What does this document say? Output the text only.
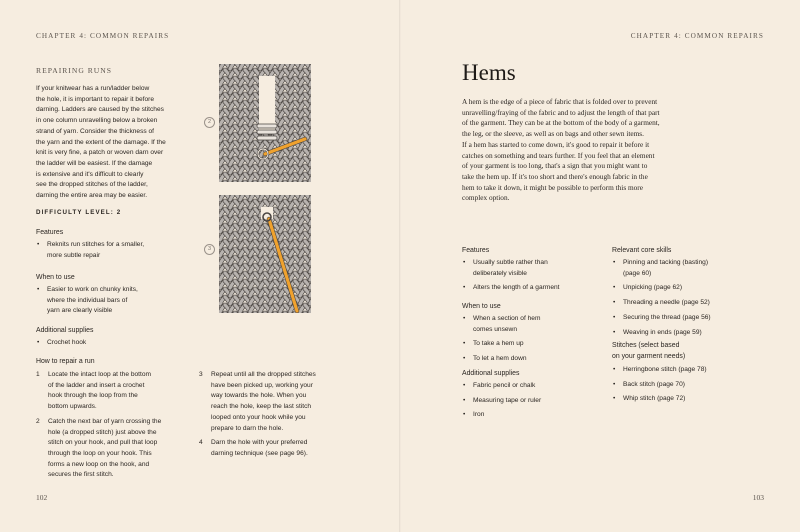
CHAPTER 4: COMMON REPAIRS
REPAIRING RUNS
If your knitwear has a run/ladder below
the hole, it is important to repair it before
darning. Ladders are caused by the stitches
in one column unravelling below a broken
strand of yarn. Consider the thickness of
the yarn and the extent of the damage. If the
knit is very fine, a patch or woven darn over
the ladder will be easiest. If the damage
is extensive and it's difficult to clearly
see the dropped stitches of the ladder,
darning the entire area may be easier.
DIFFICULTY LEVEL: 2
Features
• Reknits run stitches for a smaller,
more subtle repair
When to use
• Easier to work on chunky knits,
where the individual bars of
yarn are clearly visible
Additional supplies
• Crochet hook
How to repair a run
1 Locate the intact loop at the bottom
of the ladder and insert a crochet
hook through the loop from the
bottom upwards.
2 Catch the next bar of yarn crossing the
hole (a dropped stitch) just above the
stitch on your hook, and pull that loop
through the loop on your hook. This
forms a new loop on the hook, and
secures the first stitch.
3 Repeat until all the dropped stitches
have been picked up, working your
way towards the hole. When you
reach the hole, keep the last stitch
looped onto your hook while you
prepare to darn the hole.
4 Darn the hole with your preferred
darning technique (see page 96).
2
3
102
CHAPTER 4: COMMON REPAIRS
Hems
A hem is the edge of a piece of fabric that is folded over to prevent
unravelling/fraying of the fabric and to adjust the length of that part
of the garment. They can be at the bottom of the body of a garment,
the leg, or the sleeve, as well as on bags and other sewn items.
If a hem has started to come down, it's good to repair it before it
catches on something and tears further. If you feel that an element
of your garment is too long, that's a sign that you might want to
take the hem up. If it's too short and there's enough fabric in the
hem to take it down, it might be possible to perform this more
complex option.
Features
• Usually subtle rather than
deliberately visible
• Alters the length of a garment
When to use
• When a section of hem
comes unsewn
• To take a hem up
• To let a hem down
Additional supplies
• Fabric pencil or chalk
• Measuring tape or ruler
• Iron
Relevant core skills
• Pinning and tacking (basting)
(page 60)
• Unpicking (page 62)
• Threading a needle (page 52)
• Securing the thread (page 56)
• Weaving in ends (page 59)
Stitches (select based
on your garment needs)
• Herringbone stitch (page 78)
• Back stitch (page 70)
• Whip stitch (page 72)
103
